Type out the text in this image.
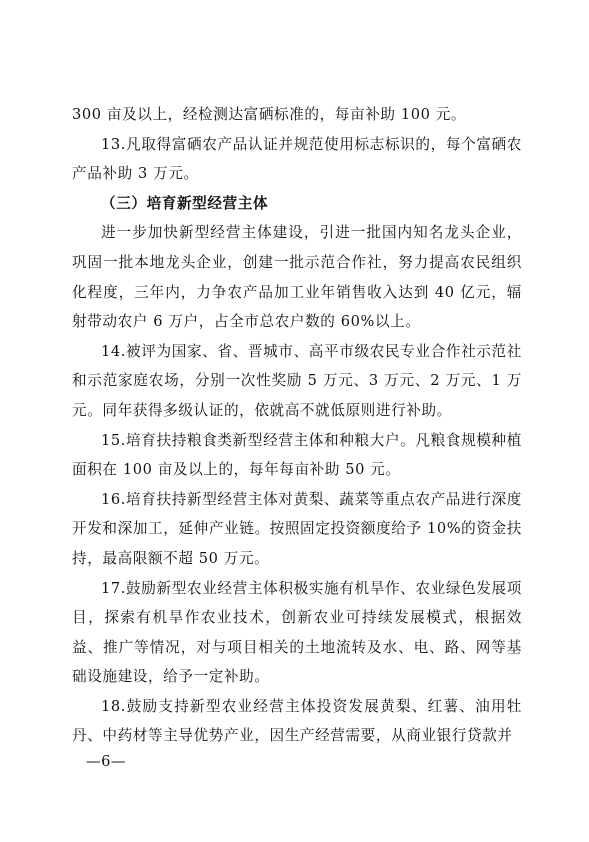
300 亩及以上，经检测达富硒标准的，每亩补助 100 元。

13.凡取得富硒农产品认证并规范使用标志标识的，每个富硒农产品补助 3 万元。

（三）培育新型经营主体

进一步加快新型经营主体建设，引进一批国内知名龙头企业，巩固一批本地龙头企业，创建一批示范合作社，努力提高农民组织化程度，三年内，力争农产品加工业年销售收入达到 40 亿元，辐射带动农户 6 万户，占全市总农户数的 60%以上。

14.被评为国家、省、晋城市、高平市级农民专业合作社示范社和示范家庭农场，分别一次性奖励 5 万元、3 万元、2 万元、1 万元。同年获得多级认证的，依就高不就低原则进行补助。

15.培育扶持粮食类新型经营主体和种粮大户。凡粮食规模种植面积在 100 亩及以上的，每年每亩补助 50 元。

16.培育扶持新型经营主体对黄梨、蔬菜等重点农产品进行深度开发和深加工，延伸产业链。按照固定投资额度给予 10%的资金扶持，最高限额不超 50 万元。

17.鼓励新型农业经营主体积极实施有机旱作、农业绿色发展项目，探索有机旱作农业技术，创新农业可持续发展模式，根据效益、推广等情况，对与项目相关的土地流转及水、电、路、网等基础设施建设，给予一定补助。

18.鼓励支持新型农业经营主体投资发展黄梨、红薯、油用牡丹、中药材等主导优势产业，因生产经营需要，从商业银行贷款并

—6—
